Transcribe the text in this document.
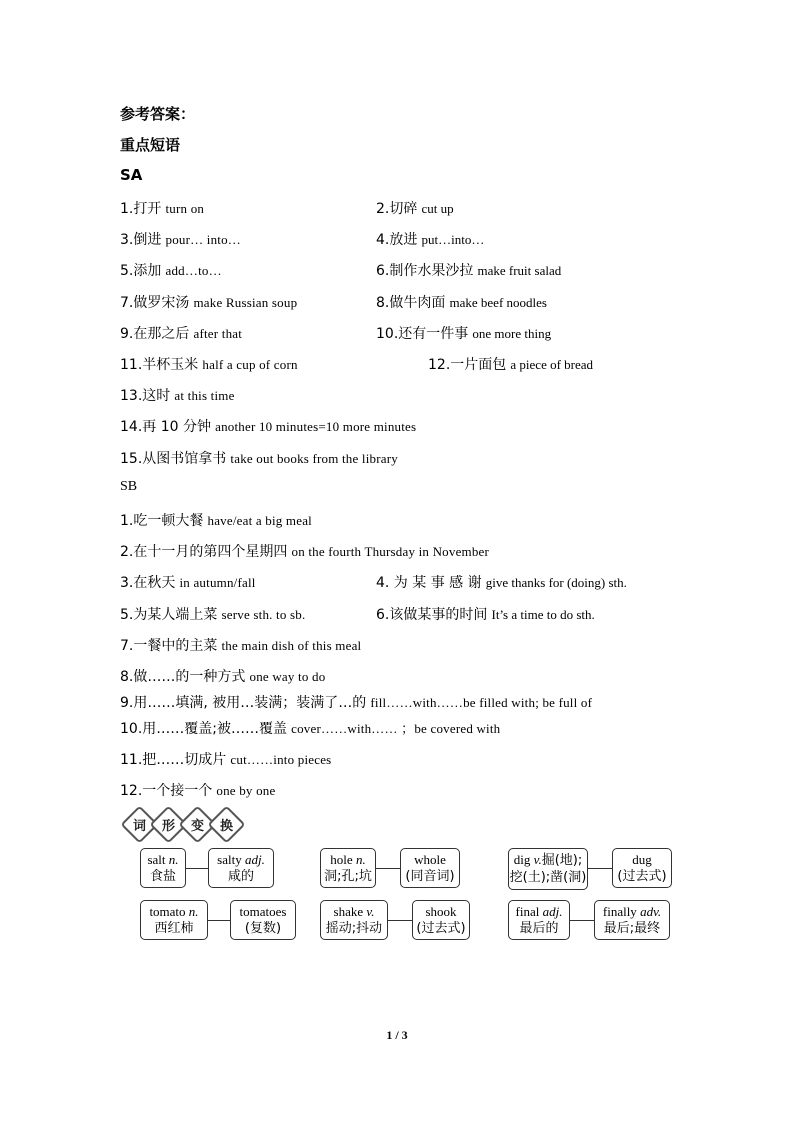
参考答案：
重点短语
SA
1.打开 turn on	2.切碎 cut up
3.倒进 pour… into…	4.放进 put…into…
5.添加 add…to…	6.制作水果沙拉 make fruit salad
7.做罗宋汤 make Russian soup	8.做牛肉面 make beef noodles
9.在那之后 after that	10.还有一件事 one more thing
11.半杯玉米 half a cup of corn	12.一片面包 a piece of bread
13.这时 at this time
14.再 10 分钟 another 10 minutes=10 more minutes
15.从图书馆拿书 take out books from the library
SB
1.吃一顿大餐 have/eat a big meal
2.在十一月的第四个星期四 on the fourth Thursday in November
3.在秋天 in autumn/fall	4. 为 某 事 感 谢 give thanks for (doing) sth.
5.为某人端上菜 serve sth. to sb.	6.该做某事的时间 It’s a time to do sth.
7.一餐中的主菜 the main dish of this meal
8.做……的一种方式 one way to do
9.用……填满, 被用…装满；装满了…的 fill……with……be filled with; be full of
10.用……覆盖;被……覆盖 cover……with…… ；be covered with
11.把……切成片 cut……into pieces
12.一个接一个 one by one
词 形 变 换
salt n.
食盐
salty adj.
咸的
hole n.
洞;孔;坑
whole
(同音词)
dig v.掘(地);
挖(土);凿(洞)
dug
(过去式)
tomato n.
西红柿
tomatoes
(复数)
shake v.
摇动;抖动
shook
(过去式)
final adj.
最后的
finally adv.
最后;最终
1 / 3
